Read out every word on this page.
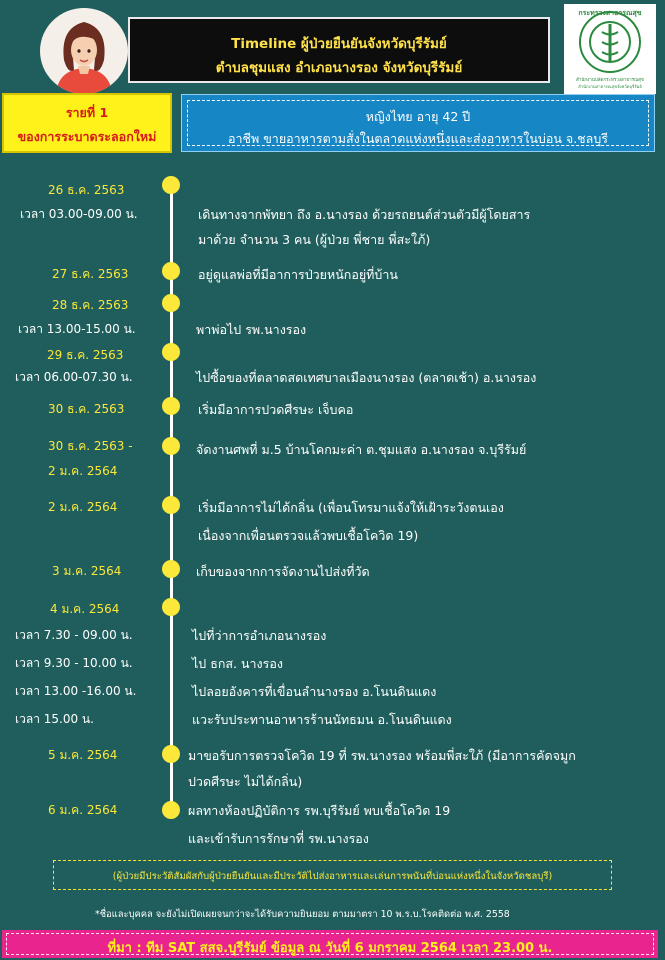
Timeline ผู้ป่วยยืนยันจังหวัดบุรีรัมย์
ตำบลชุมแสง อำเภอนางรอง จังหวัดบุรีรัมย์
กระทรวงสาธารณสุข
สำนักงานปลัดกระทรวงสาธารณสุข
สำนักงานสาธารณสุขจังหวัดบุรีรัมย์
รายที่ 1
ของการระบาดระลอกใหม่
หญิงไทย อายุ 42 ปี
อาชีพ ขายอาหารตามสั่งในตลาดแห่งหนึ่งและส่งอาหารในบ่อน จ.ชลบุรี
26 ธ.ค. 2563
เวลา 03.00-09.00 น.	เดินทางจากพัทยา ถึง อ.นางรอง ด้วยรถยนต์ส่วนตัวมีผู้โดยสาร
มาด้วย จำนวน 3 คน (ผู้ป่วย พี่ชาย พี่สะใภ้)
27 ธ.ค. 2563	อยู่ดูแลพ่อที่มีอาการป่วยหนักอยู่ที่บ้าน
28 ธ.ค. 2563
เวลา 13.00-15.00 น.	พาพ่อไป รพ.นางรอง
29 ธ.ค. 2563
เวลา 06.00-07.30 น.	ไปซื้อของที่ตลาดสดเทศบาลเมืองนางรอง (ตลาดเช้า) อ.นางรอง
30 ธ.ค. 2563	เริ่มมีอาการปวดศีรษะ เจ็บคอ
30 ธ.ค. 2563 -
2 ม.ค. 2564
จัดงานศพที่ ม.5 บ้านโคกมะค่า ต.ชุมแสง อ.นางรอง จ.บุรีรัมย์
2 ม.ค. 2564	เริ่มมีอาการไม่ได้กลิ่น (เพื่อนโทรมาแจ้งให้เฝ้าระวังตนเอง
เนื่องจากเพื่อนตรวจแล้วพบเชื้อโควิด 19)
3 ม.ค. 2564	เก็บของจากการจัดงานไปส่งที่วัด
4 ม.ค. 2564
เวลา 7.30 - 09.00 น.	ไปที่ว่าการอำเภอนางรอง
เวลา 9.30 - 10.00 น.	ไป ธกส. นางรอง
เวลา 13.00 -16.00 น.	ไปลอยอังคารที่เขื่อนลำนางรอง อ.โนนดินแดง
เวลา 15.00 น.	แวะรับประทานอาหารร้านนัทธมน อ.โนนดินแดง
5 ม.ค. 2564	มาขอรับการตรวจโควิด 19 ที่ รพ.นางรอง พร้อมพี่สะใภ้ (มีอาการคัดจมูก
ปวดศีรษะ ไม่ได้กลิ่น)
6 ม.ค. 2564	ผลทางห้องปฏิบัติการ รพ.บุรีรัมย์ พบเชื้อโควิด 19
และเข้ารับการรักษาที่ รพ.นางรอง
(ผู้ป่วยมีประวัติสัมผัสกับผู้ป่วยยืนยันและมีประวัติไปส่งอาหารและเล่นการพนันที่บ่อนแห่งหนึ่งในจังหวัดชลบุรี)
*ชื่อและบุคคล จะยังไม่เปิดเผยจนกว่าจะได้รับความยินยอม ตามมาตรา 10 พ.ร.บ.โรคติดต่อ พ.ศ. 2558
ที่มา : ทีม SAT สสจ.บุรีรัมย์ ข้อมูล ณ วันที่ 6 มกราคม 2564 เวลา 23.00 น.
